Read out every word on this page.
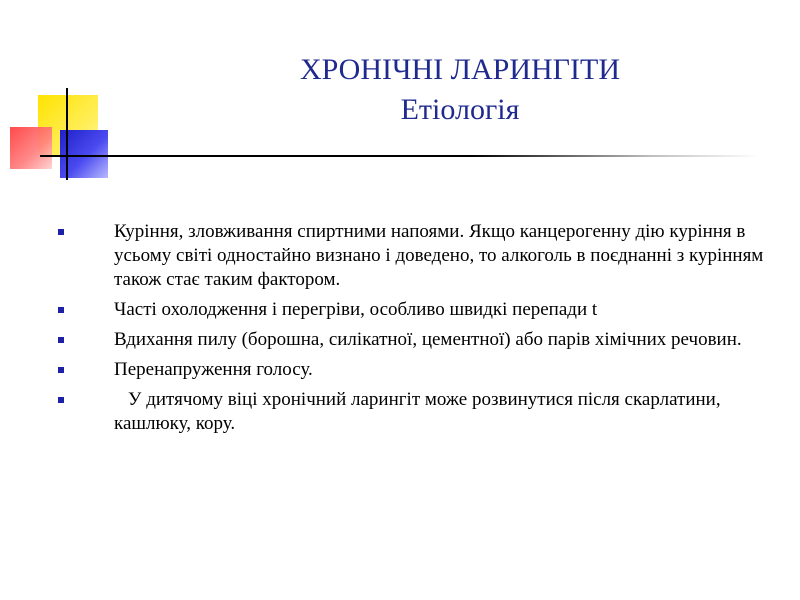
ХРОНІЧНІ ЛАРИНГІТИ
Етіологія
Куріння, зловживання спиртними напоями. Якщо канцерогенну дію куріння в усьому світі одностайно визнано і доведено, то алкоголь в поєднанні з курінням також стає таким фактором.
Часті охолодження і перегріви, особливо швидкі перепади t
Вдихання пилу (борошна, силікатної, цементної) або парів хімічних речовин.
Перенапруження голосу.
У дитячому віці хронічний ларингіт може розвинутися після скарлатини, кашлюку, кору.
